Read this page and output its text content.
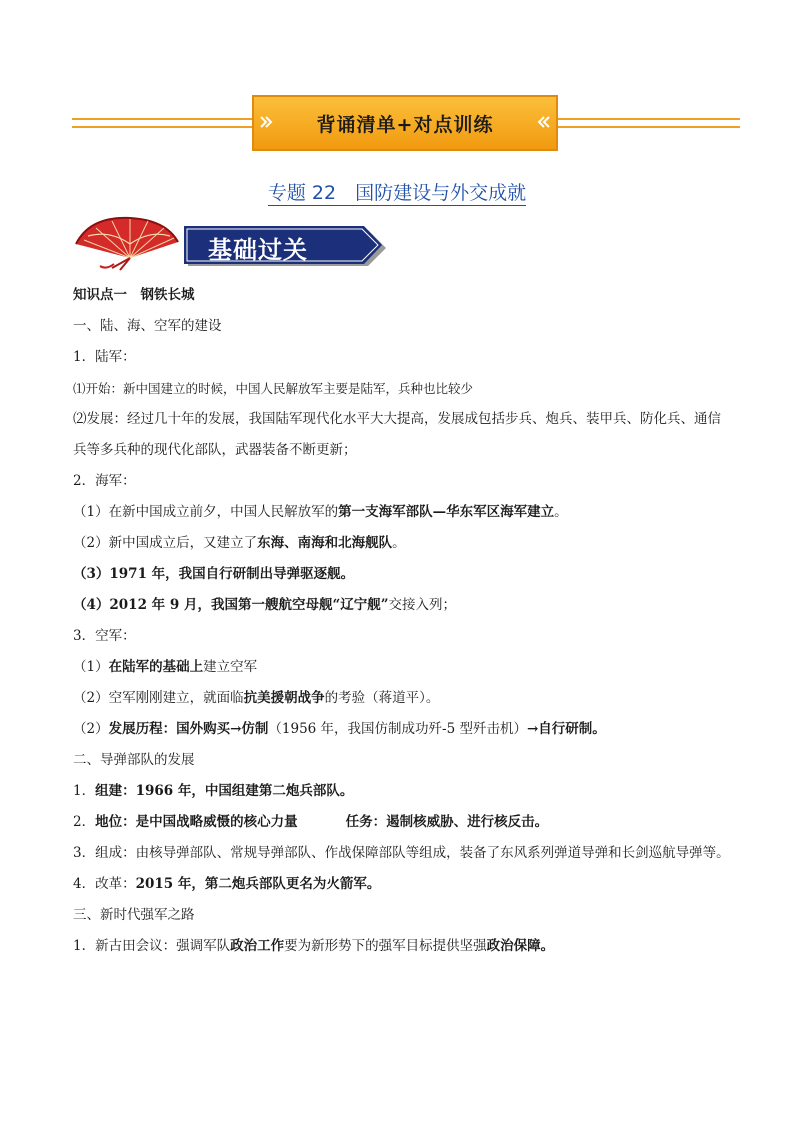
背诵清单+对点训练
专题 22　国防建设与外交成就
基础过关

知识点一　钢铁长城

一、陆、海、空军的建设

1．陆军：

⑴开始：新中国建立的时候，中国人民解放军主要是陆军，兵种也比较少

⑵发展：经过几十年的发展，我国陆军现代化水平大大提高，发展成包括步兵、炮兵、装甲兵、防化兵、通信兵等多兵种的现代化部队，武器装备不断更新；

2．海军：

（1）在新中国成立前夕，中国人民解放军的第一支海军部队—华东军区海军建立。

（2）新中国成立后，又建立了东海、南海和北海舰队。

（3）1971 年，我国自行研制出导弹驱逐舰。

（4）2012 年 9 月，我国第一艘航空母舰“辽宁舰”交接入列；

3．空军：

（1）在陆军的基础上建立空军

（2）空军刚刚建立，就面临抗美援朝战争的考验（蒋道平）。

（2）发展历程：国外购买→仿制（1956 年，我国仿制成功歼-5 型歼击机）→自行研制。

二、导弹部队的发展

1．组建：1966 年，中国组建第二炮兵部队。

2．地位：是中国战略威慑的核心力量	任务：遏制核威胁、进行核反击。

3．组成：由核导弹部队、常规导弹部队、作战保障部队等组成，装备了东风系列弹道导弹和长剑巡航导弹等。

4．改革：2015 年，第二炮兵部队更名为火箭军。

三、新时代强军之路

1．新古田会议：强调军队政治工作要为新形势下的强军目标提供坚强政治保障。
